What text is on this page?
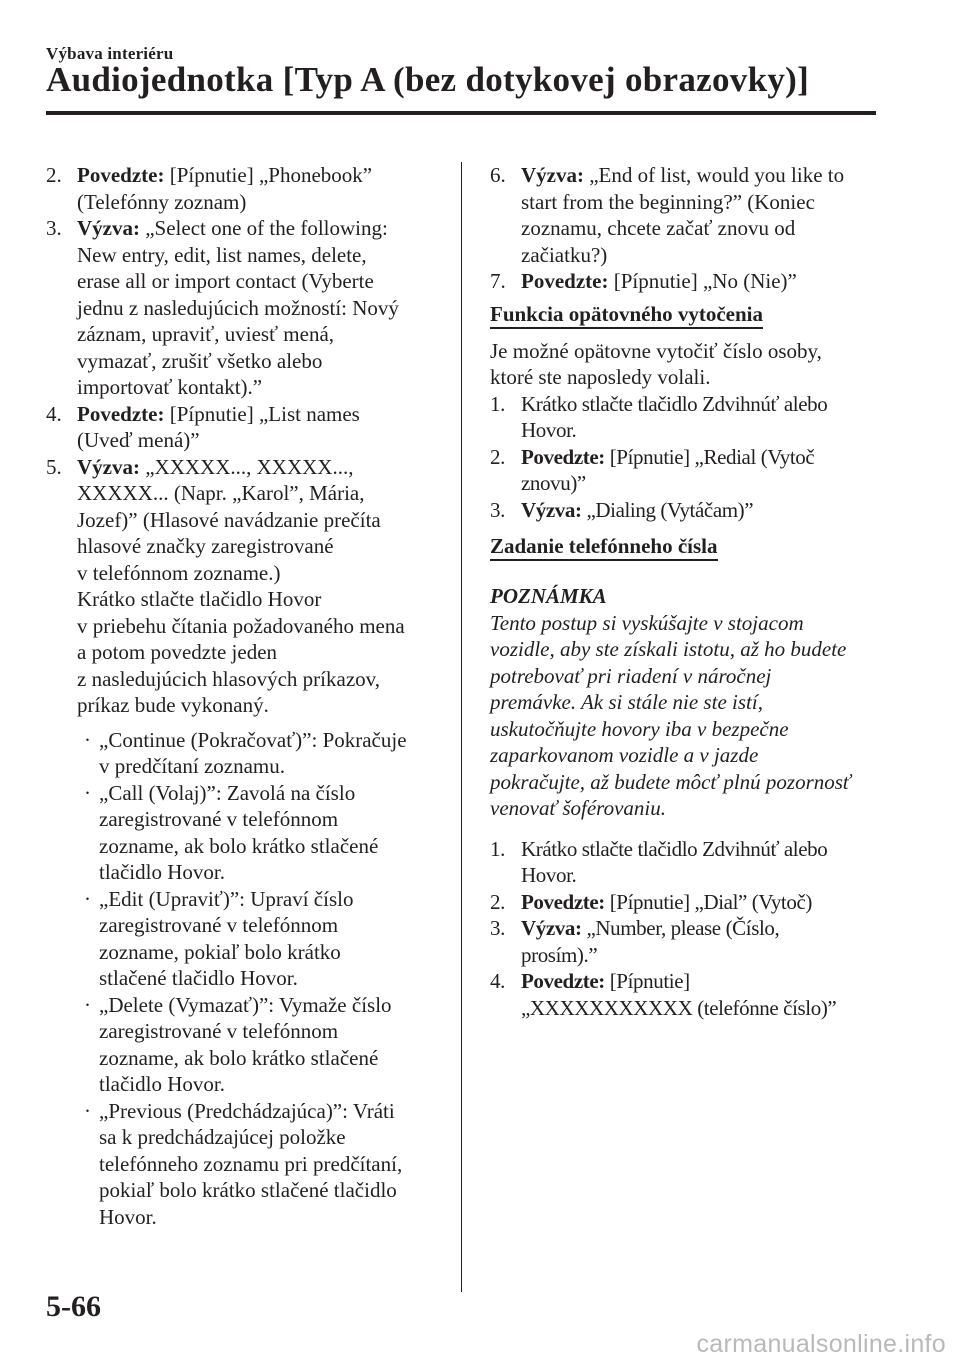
Výbava interiéru
Audiojednotka [Typ A (bez dotykovej obrazovky)]
2. Povedzte: [Pípnutie] „Phonebook”
(Telefónny zoznam)
3. Výzva: „Select one of the following:
New entry, edit, list names, delete,
erase all or import contact (Vyberte
jednu z nasledujúcich možností: Nový
záznam, upraviť, uviesť mená,
vymazať, zrušiť všetko alebo
importovať kontakt).”
4. Povedzte: [Pípnutie] „List names
(Uveď mená)”
5. Výzva: „XXXXX..., XXXXX...,
XXXXX... (Napr. „Karol”, Mária,
Jozef)” (Hlasové navádzanie prečíta
hlasové značky zaregistrované
v telefónnom zozname.)
Krátko stlačte tlačidlo Hovor
v priebehu čítania požadovaného mena
a potom povedzte jeden
z nasledujúcich hlasových príkazov,
príkaz bude vykonaný.
· „Continue (Pokračovať)”: Pokračuje
v predčítaní zoznamu.
· „Call (Volaj)”: Zavolá na číslo
zaregistrované v telefónnom
zozname, ak bolo krátko stlačené
tlačidlo Hovor.
· „Edit (Upraviť)”: Upraví číslo
zaregistrované v telefónnom
zozname, pokiaľ bolo krátko
stlačené tlačidlo Hovor.
· „Delete (Vymazať)”: Vymaže číslo
zaregistrované v telefónnom
zozname, ak bolo krátko stlačené
tlačidlo Hovor.
· „Previous (Predchádzajúca)”: Vráti
sa k predchádzajúcej položke
telefónneho zoznamu pri predčítaní,
pokiaľ bolo krátko stlačené tlačidlo
Hovor.
6. Výzva: „End of list, would you like to
start from the beginning?” (Koniec
zoznamu, chcete začať znovu od
začiatku?)
7. Povedzte: [Pípnutie] „No (Nie)”
Funkcia opätovného vytočenia
Je možné opätovne vytočiť číslo osoby,
ktoré ste naposledy volali.
1. Krátko stlačte tlačidlo Zdvihnúť alebo
Hovor.
2. Povedzte: [Pípnutie] „Redial (Vytoč
znovu)”
3. Výzva: „Dialing (Vytáčam)”
Zadanie telefónneho čísla
POZNÁMKA
Tento postup si vyskúšajte v stojacom
vozidle, aby ste získali istotu, až ho budete
potrebovať pri riadení v náročnej
premávke. Ak si stále nie ste istí,
uskutočňujte hovory iba v bezpečne
zaparkovanom vozidle a v jazde
pokračujte, až budete môcť plnú pozornosť
venovať šoférovaniu.
1. Krátko stlačte tlačidlo Zdvihnúť alebo
Hovor.
2. Povedzte: [Pípnutie] „Dial” (Vytoč)
3. Výzva: „Number, please (Číslo,
prosím).”
4. Povedzte: [Pípnutie]
„XXXXXXXXXXX (telefónne číslo)”
5-66
carmanualsonline.info
